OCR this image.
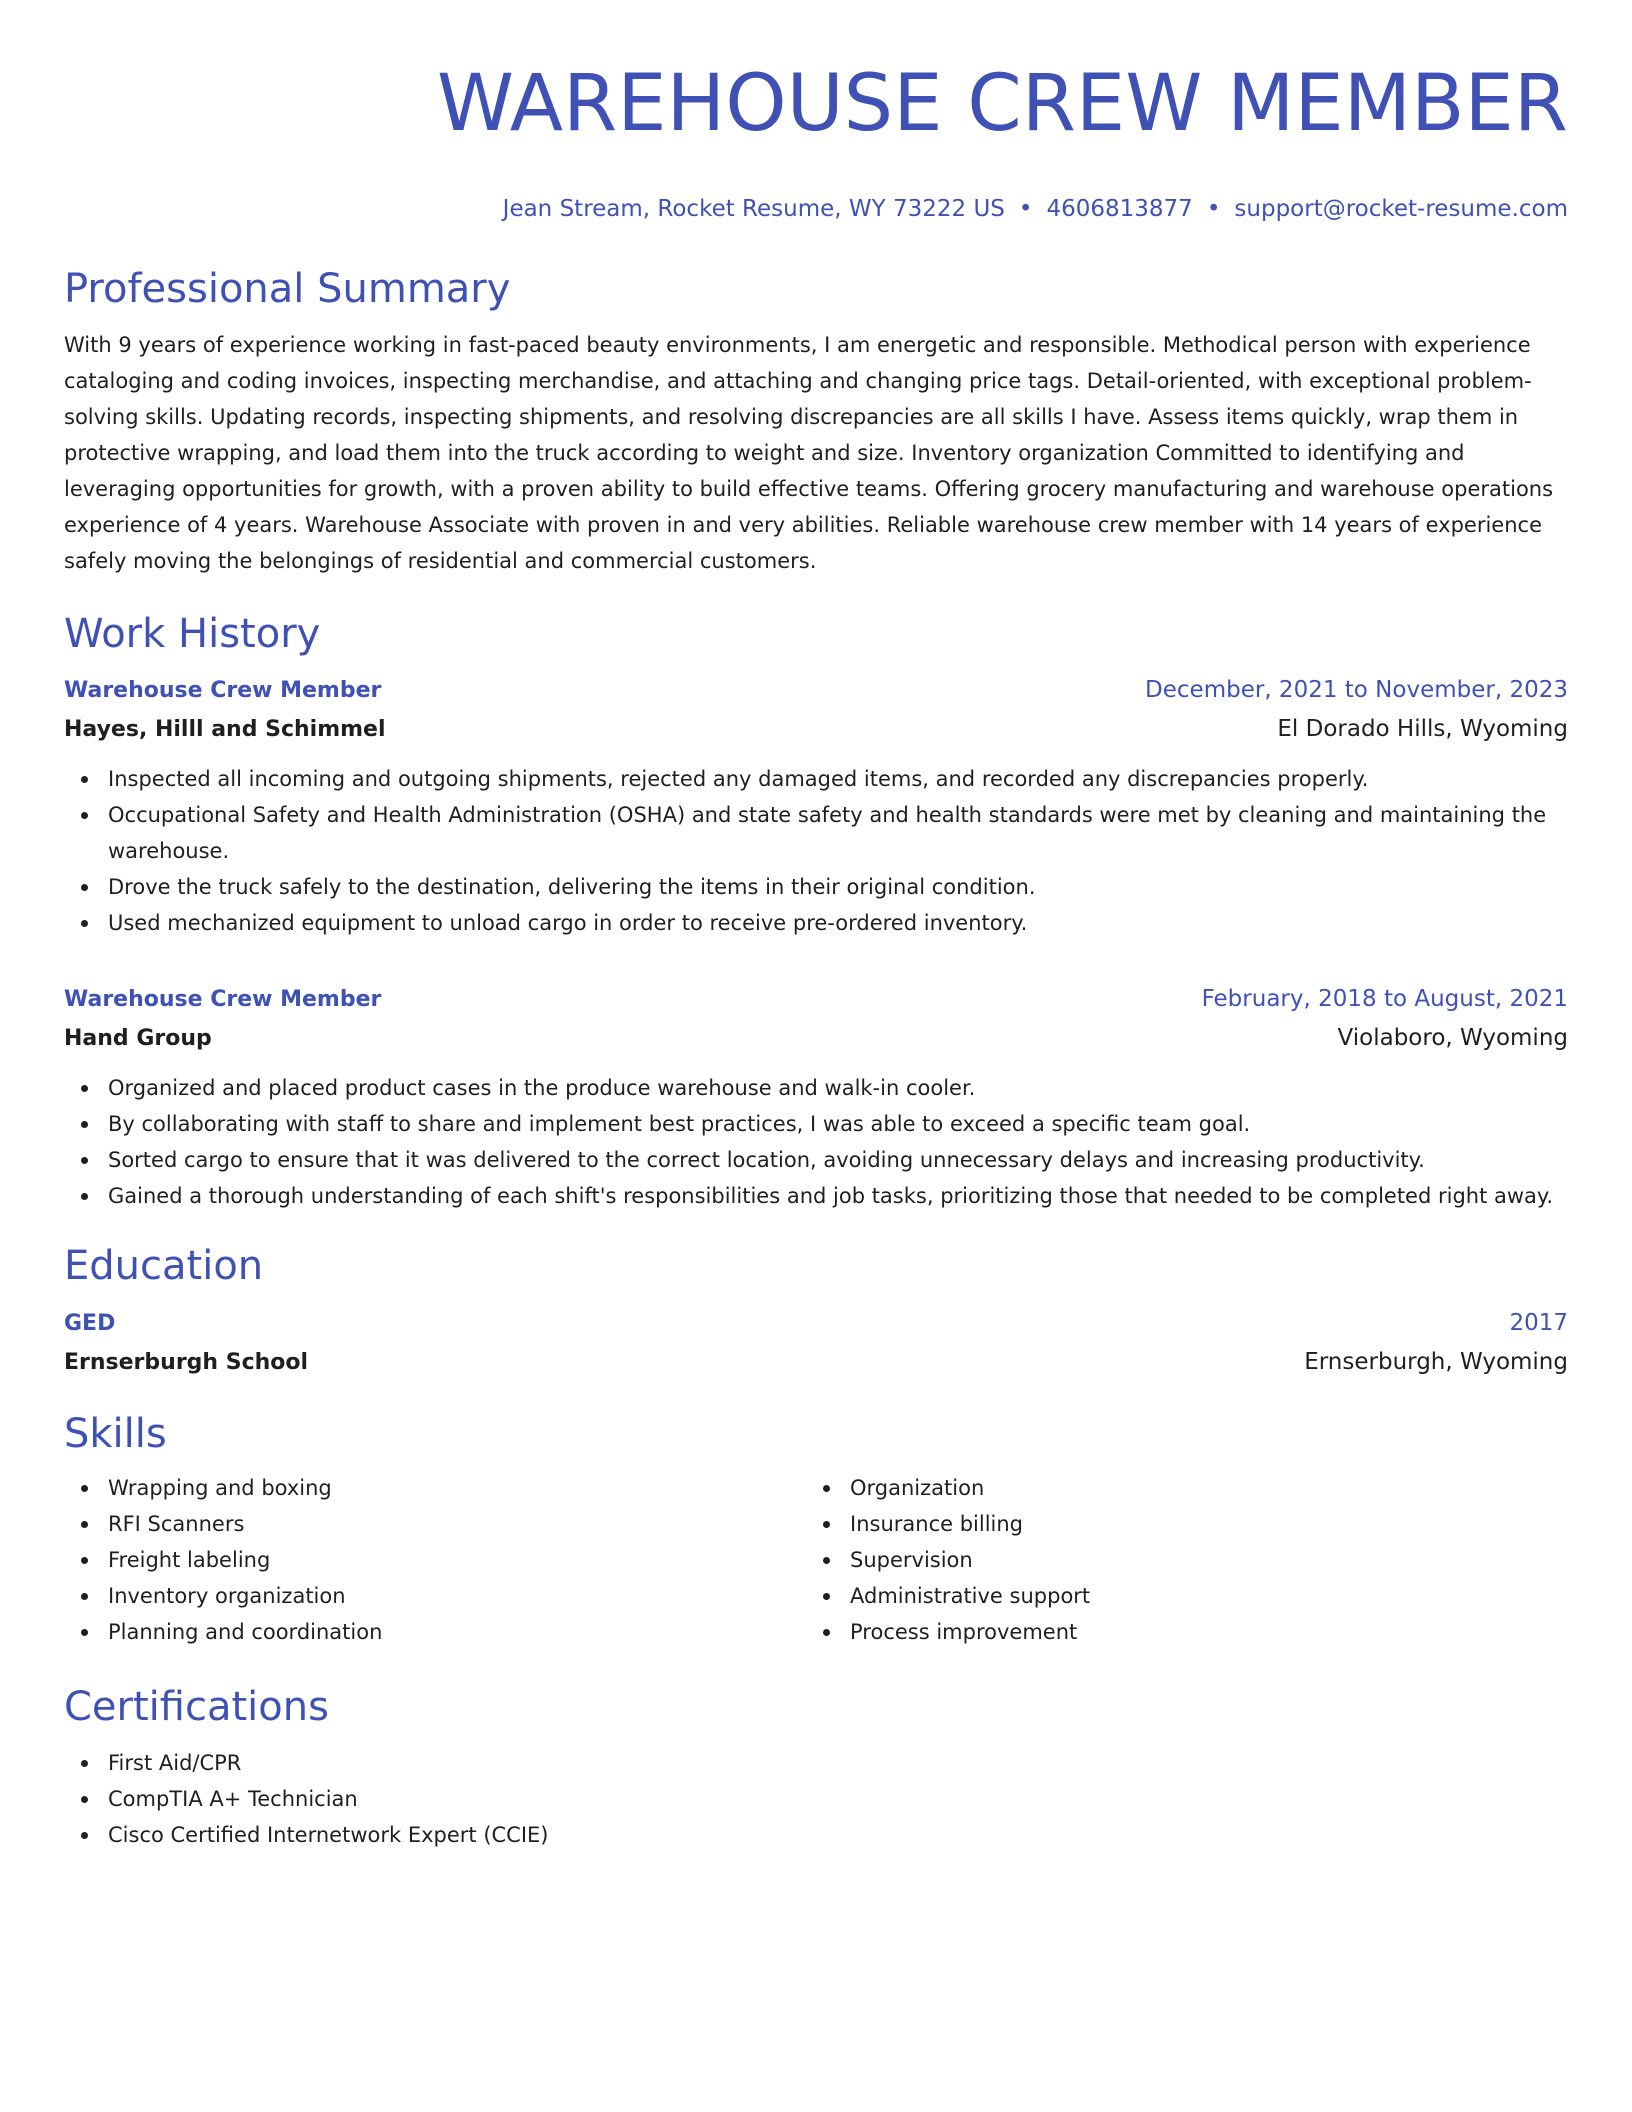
WAREHOUSE CREW MEMBER
Jean Stream, Rocket Resume, WY 73222 US • 4606813877 • support@rocket-resume.com
Professional Summary
With 9 years of experience working in fast-paced beauty environments, I am energetic and responsible. Methodical person with experience cataloging and coding invoices, inspecting merchandise, and attaching and changing price tags. Detail-oriented, with exceptional problem-solving skills. Updating records, inspecting shipments, and resolving discrepancies are all skills I have. Assess items quickly, wrap them in protective wrapping, and load them into the truck according to weight and size. Inventory organization Committed to identifying and leveraging opportunities for growth, with a proven ability to build effective teams. Offering grocery manufacturing and warehouse operations experience of 4 years. Warehouse Associate with proven in and very abilities. Reliable warehouse crew member with 14 years of experience safely moving the belongings of residential and commercial customers.
Work History
Warehouse Crew Member	December, 2021 to November, 2023
Hayes, Hilll and Schimmel	El Dorado Hills, Wyoming
Inspected all incoming and outgoing shipments, rejected any damaged items, and recorded any discrepancies properly.
Occupational Safety and Health Administration (OSHA) and state safety and health standards were met by cleaning and maintaining the warehouse.
Drove the truck safely to the destination, delivering the items in their original condition.
Used mechanized equipment to unload cargo in order to receive pre-ordered inventory.
Warehouse Crew Member	February, 2018 to August, 2021
Hand Group	Violaboro, Wyoming
Organized and placed product cases in the produce warehouse and walk-in cooler.
By collaborating with staff to share and implement best practices, I was able to exceed a specific team goal.
Sorted cargo to ensure that it was delivered to the correct location, avoiding unnecessary delays and increasing productivity.
Gained a thorough understanding of each shift's responsibilities and job tasks, prioritizing those that needed to be completed right away.
Education
GED	2017
Ernserburgh School	Ernserburgh, Wyoming
Skills
Wrapping and boxing
RFI Scanners
Freight labeling
Inventory organization
Planning and coordination
Organization
Insurance billing
Supervision
Administrative support
Process improvement
Certifications
First Aid/CPR
CompTIA A+ Technician
Cisco Certified Internetwork Expert (CCIE)
